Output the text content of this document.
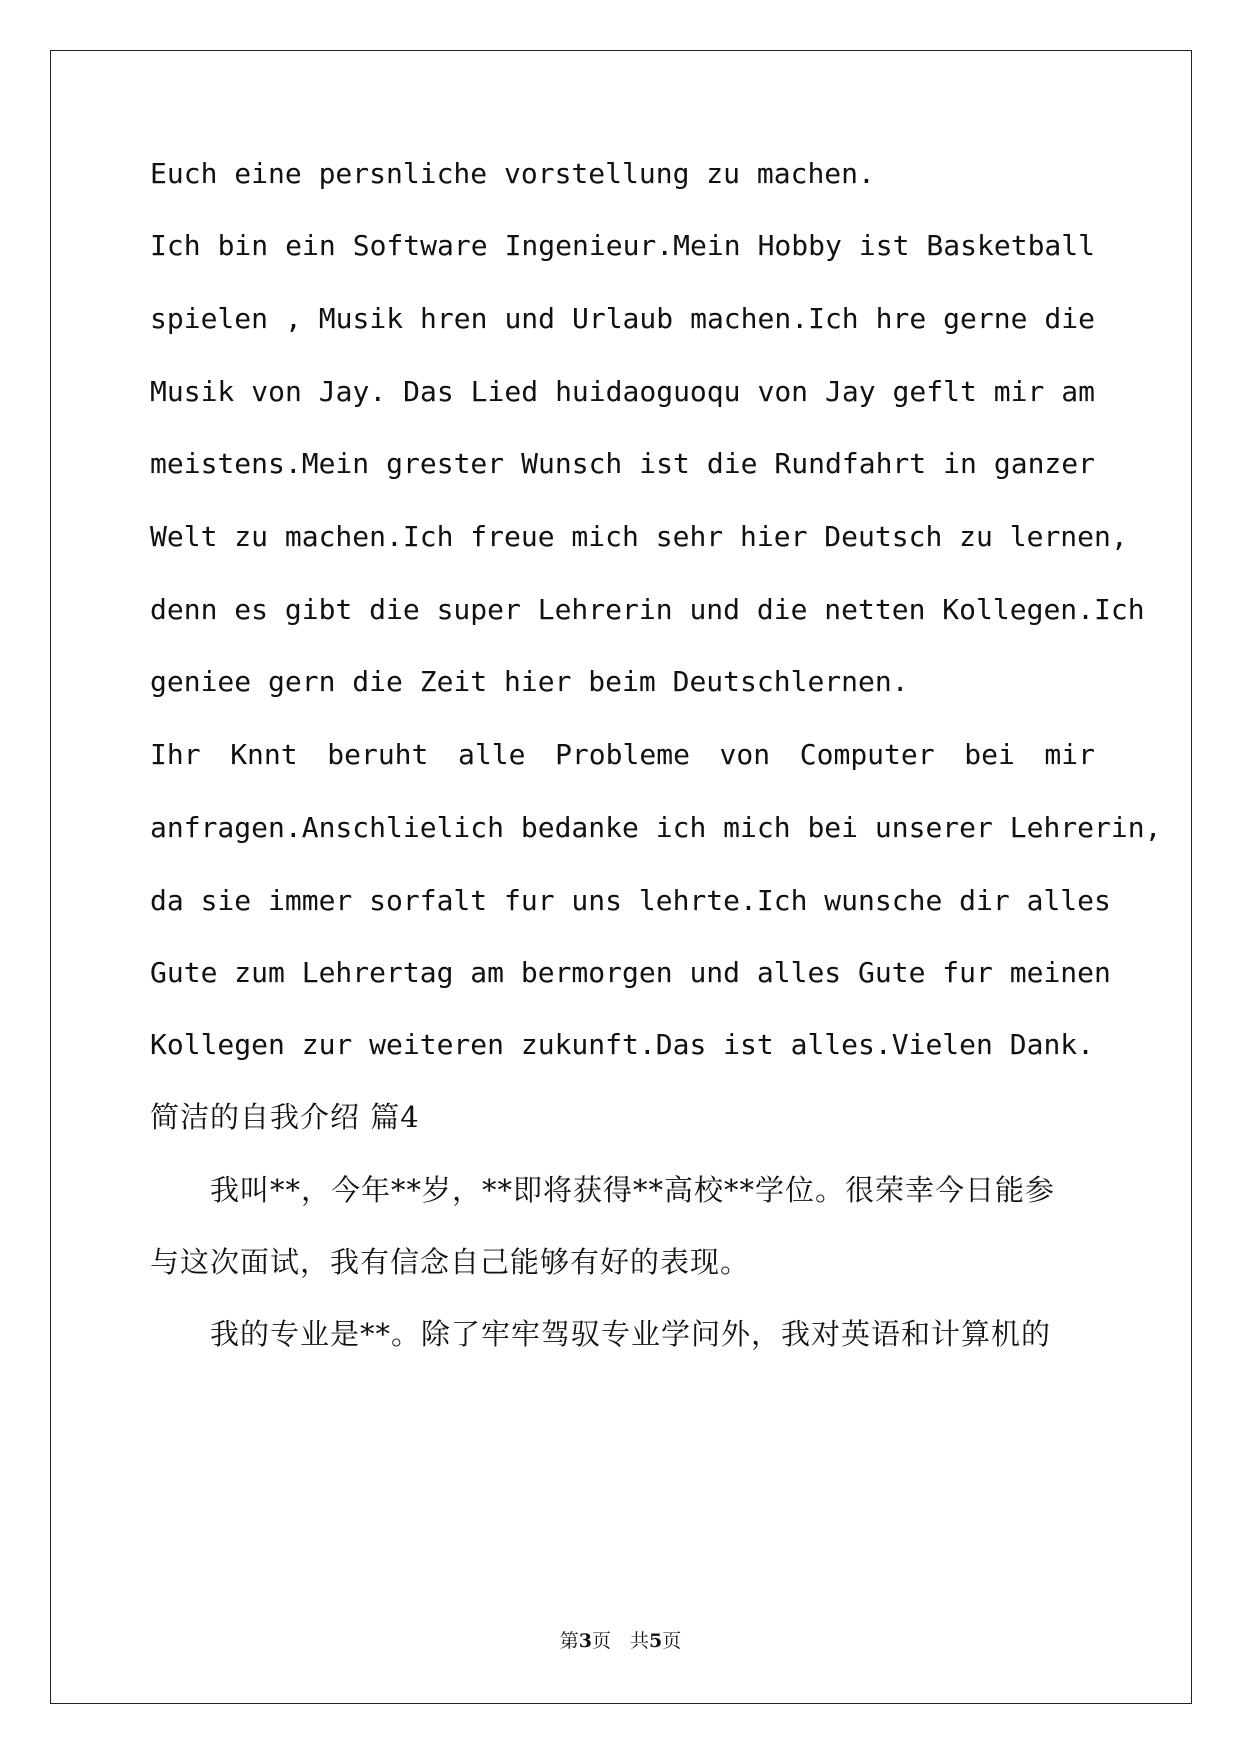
Euch eine persnliche vorstellung zu machen.
Ich bin ein Software Ingenieur.Mein Hobby ist Basketball
spielen , Musik hren und Urlaub machen.Ich hre gerne die
Musik von Jay. Das Lied huidaoguoqu von Jay geflt mir am
meistens.Mein grester Wunsch ist die Rundfahrt in ganzer
Welt zu machen.Ich freue mich sehr hier Deutsch zu lernen,
denn es gibt die super Lehrerin und die netten Kollegen.Ich
geniee gern die Zeit hier beim Deutschlernen.
Ihr Knnt beruht alle Probleme von Computer bei mir
anfragen.Anschlielich bedanke ich mich bei unserer Lehrerin,
da sie immer sorfalt fur uns lehrte.Ich wunsche dir alles
Gute zum Lehrertag am bermorgen und alles Gute fur meinen
Kollegen zur weiteren zukunft.Das ist alles.Vielen Dank.
简洁的自我介绍 篇4
　　我叫**，今年**岁，**即将获得**高校**学位。很荣幸今日能参
与这次面试，我有信念自己能够有好的表现。
　　我的专业是**。除了牢牢驾驭专业学问外，我对英语和计算机的
第3页　共5页
